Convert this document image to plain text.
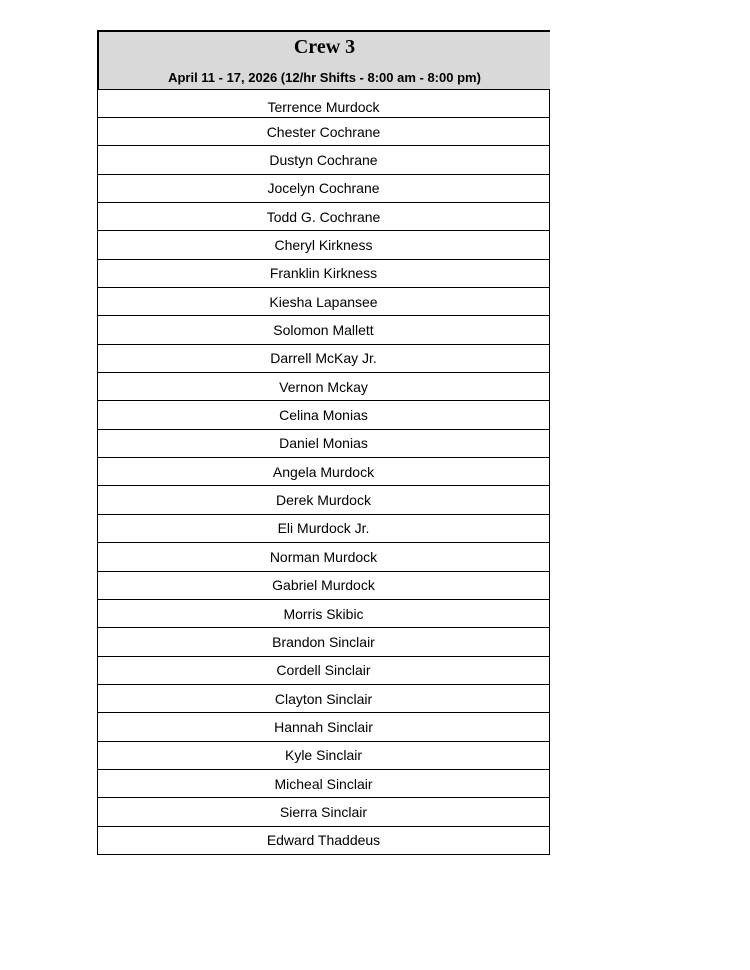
Crew 3
April 11 - 17, 2026 (12/hr Shifts - 8:00 am - 8:00 pm)
Terrence Murdock
Chester Cochrane
Dustyn Cochrane
Jocelyn Cochrane
Todd G. Cochrane
Cheryl Kirkness
Franklin Kirkness
Kiesha Lapansee
Solomon Mallett
Darrell McKay Jr.
Vernon Mckay
Celina Monias
Daniel Monias
Angela Murdock
Derek Murdock
Eli Murdock Jr.
Norman Murdock
Gabriel Murdock
Morris Skibic
Brandon Sinclair
Cordell Sinclair
Clayton Sinclair
Hannah Sinclair
Kyle Sinclair
Micheal Sinclair
Sierra Sinclair
Edward Thaddeus
